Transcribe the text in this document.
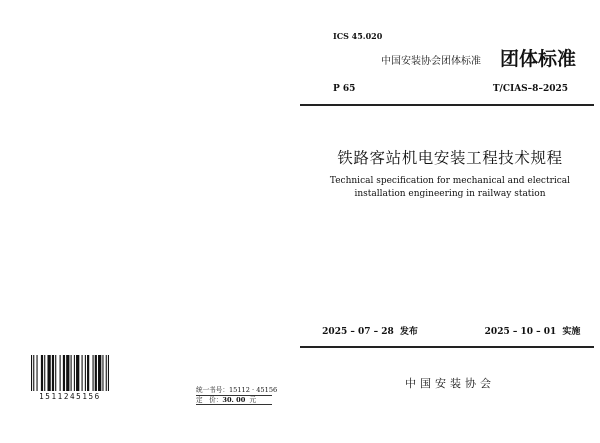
1511245156
统一书号：15112 · 45156
定　价：30. 00 元
ICS 45.020
中国安装协会团体标准 团体标准
P 65	T/CIAS–8–2025
铁路客站机电安装工程技术规程
Technical specification for mechanical and electrical
installation engineering in railway station
2025 – 07 – 28 发布	2025 – 10 – 01 实施
中国安装协会
